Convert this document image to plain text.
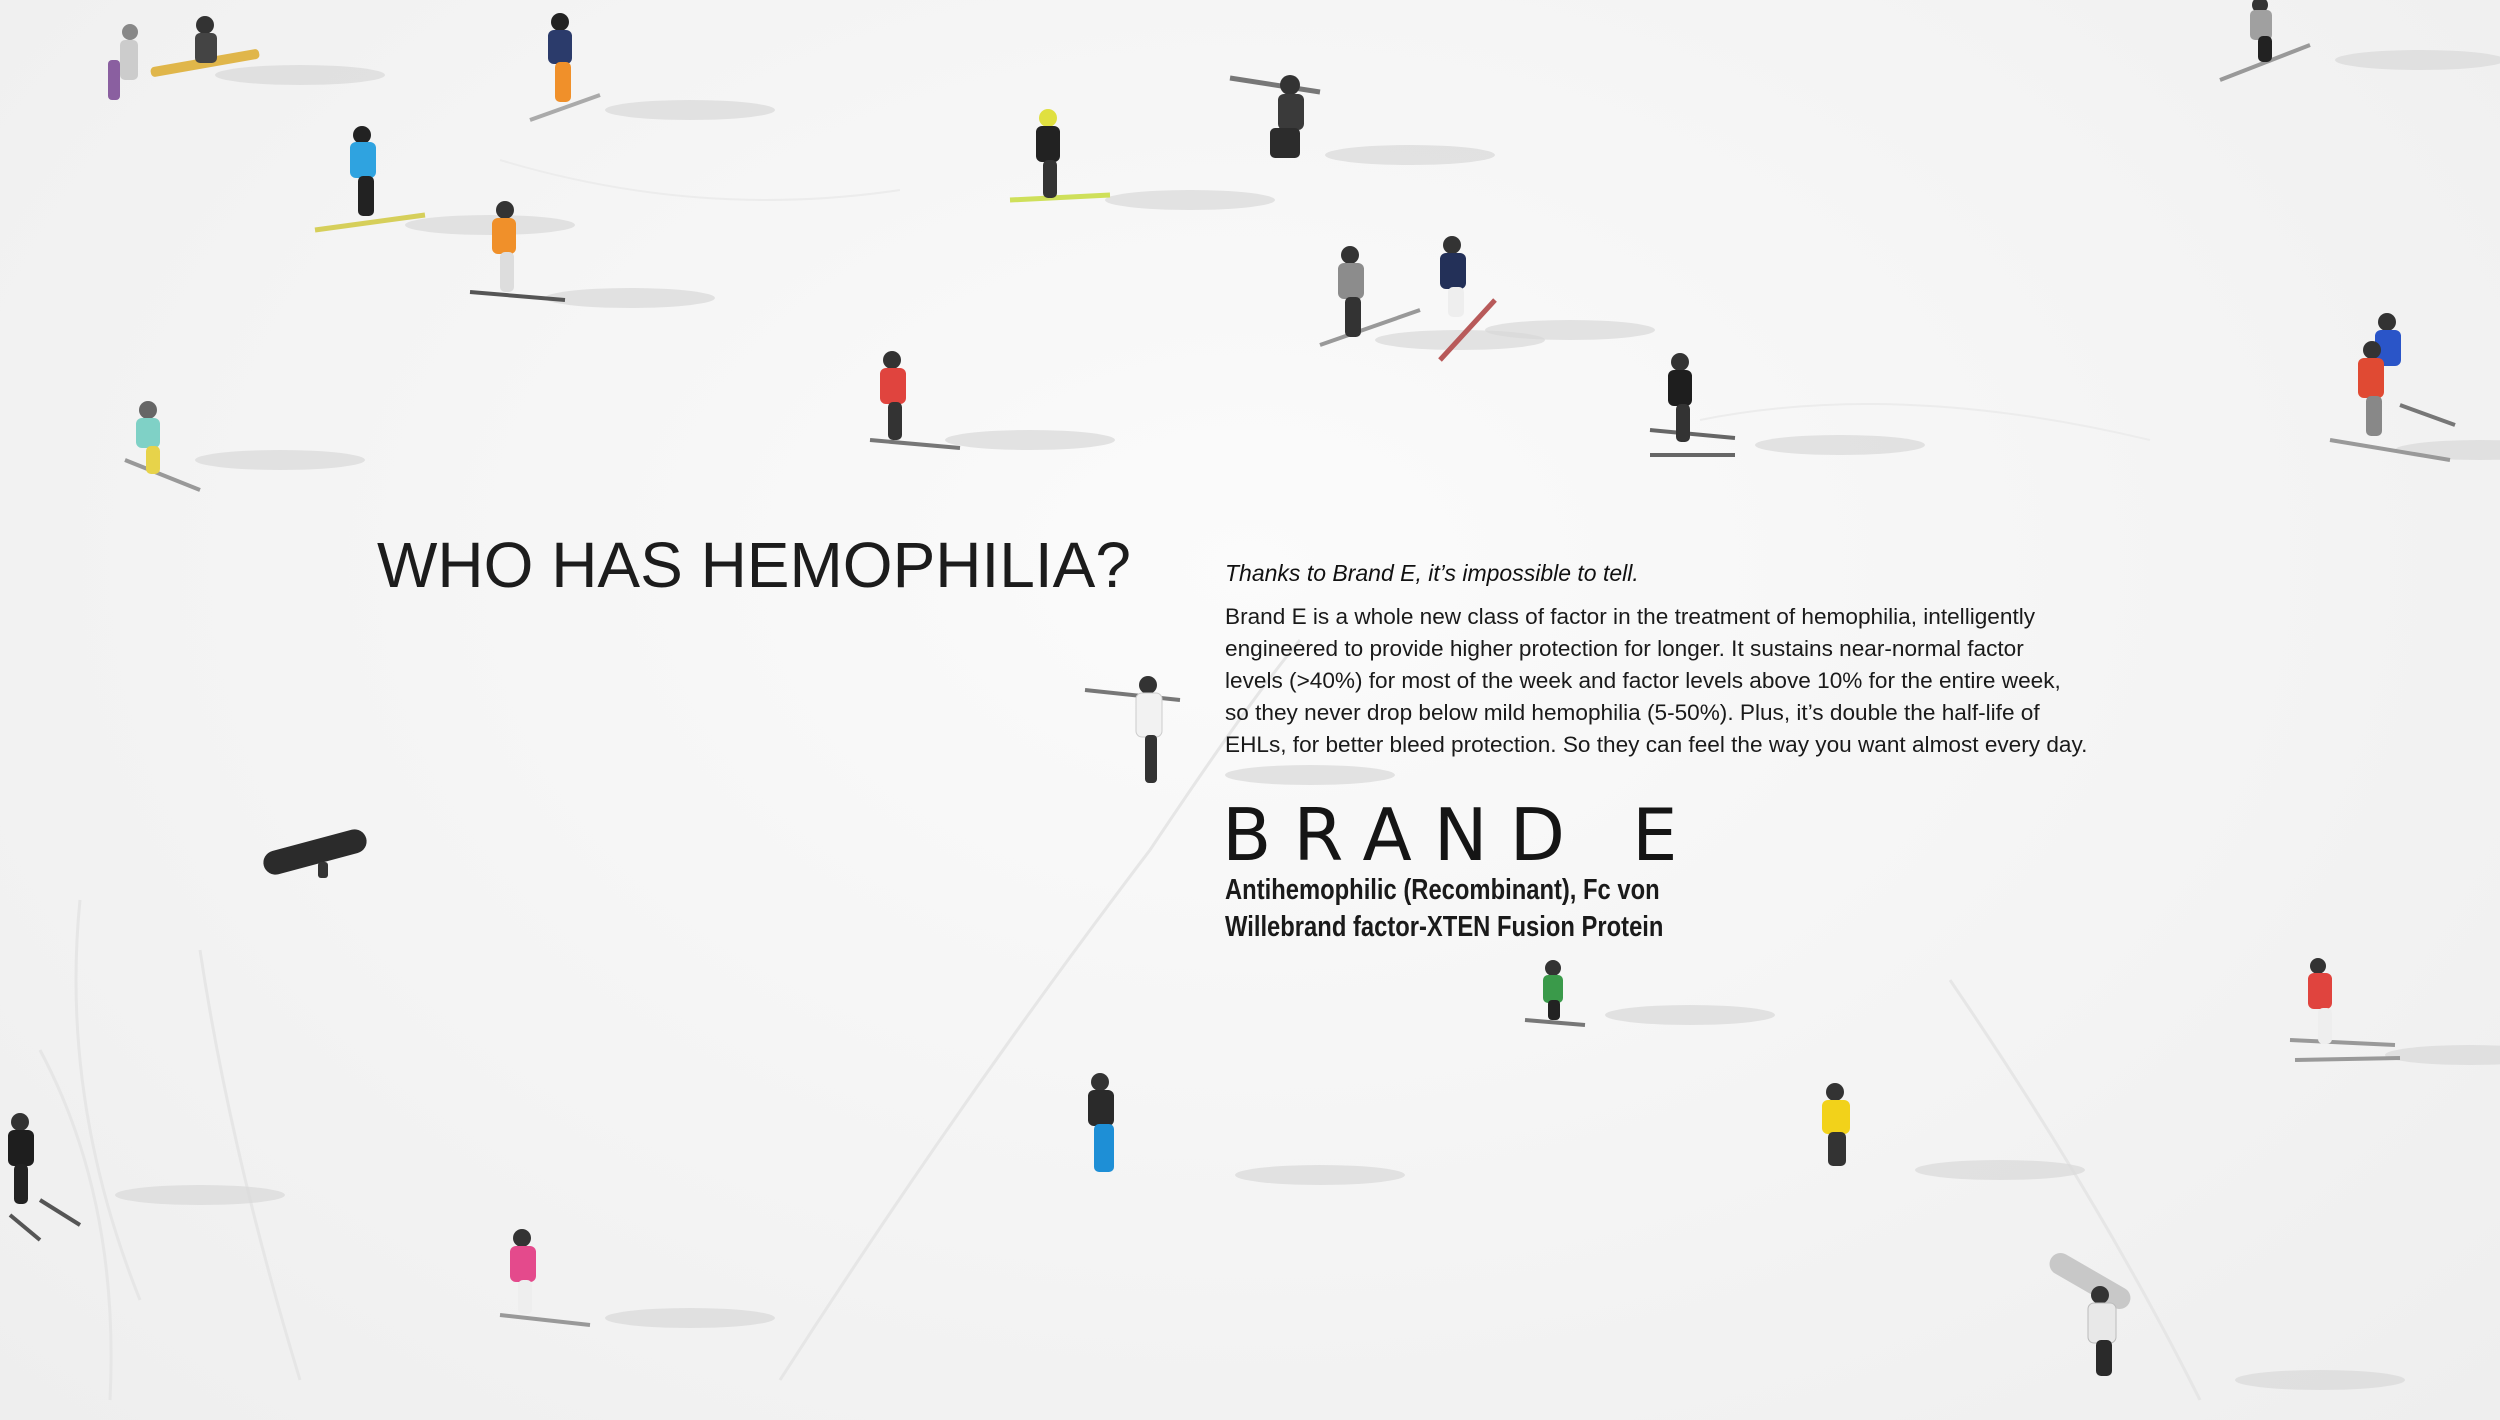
WHO HAS HEMOPHILIA?	Thanks to Brand E, it’s impossible to tell.

Brand E is a whole new class of factor in the treatment of hemophilia, intelligently
engineered to provide higher protection for longer. It sustains near-normal factor
levels (>40%) for most of the week and factor levels above 10% for the entire week,
so they never drop below mild hemophilia (5-50%). Plus, it’s double the half-life of
EHLs, for better bleed protection. So they can feel the way you want almost every day.

BRAND E
Antihemophilic (Recombinant), Fc von
Willebrand factor-XTEN Fusion Protein
